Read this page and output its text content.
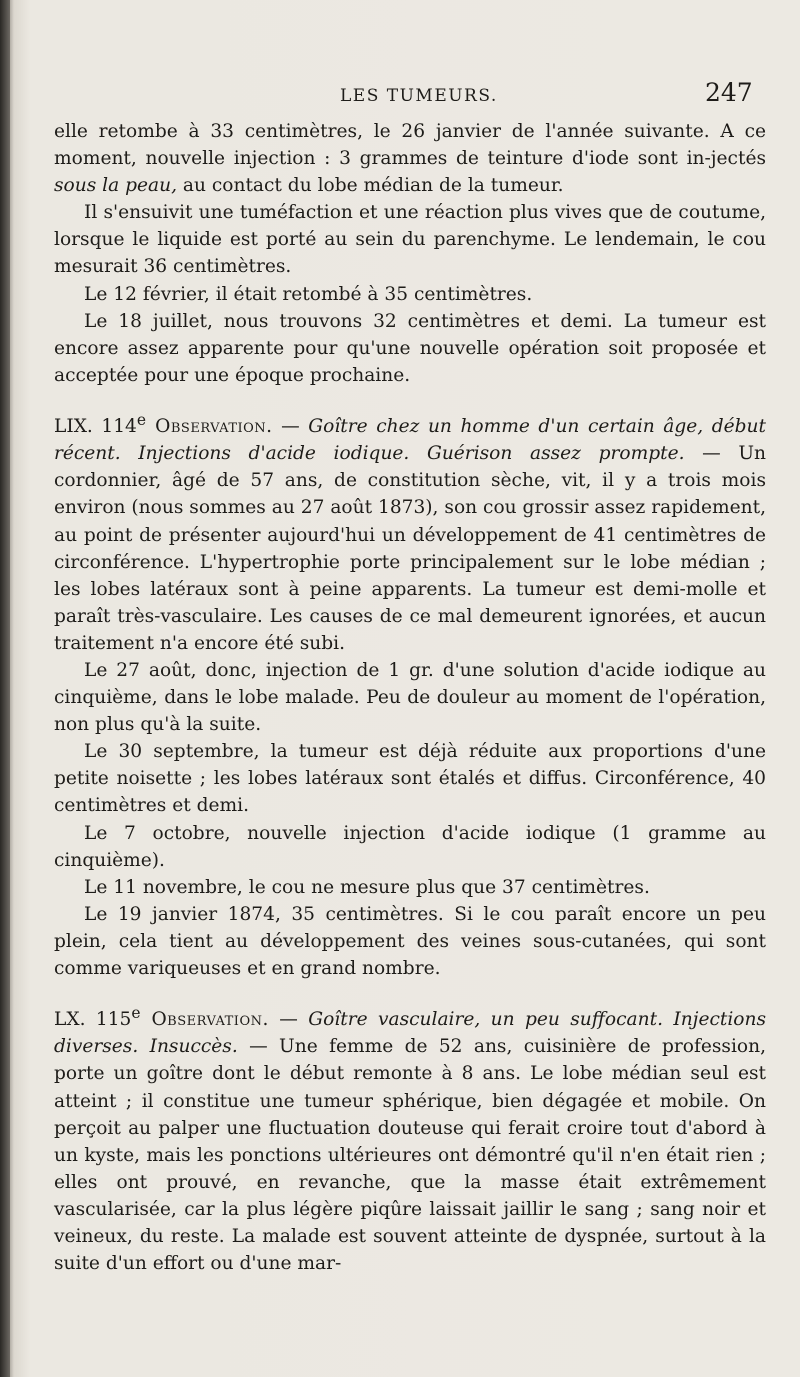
LES TUMEURS.	247

elle retombe à 33 centimètres, le 26 janvier de l'année suivante. A ce moment, nouvelle injection : 3 grammes de teinture d'iode sont in-jectés sous la peau, au contact du lobe médian de la tumeur.

Il s'ensuivit une tuméfaction et une réaction plus vives que de coutume, lorsque le liquide est porté au sein du parenchyme. Le lendemain, le cou mesurait 36 centimètres.

Le 12 février, il était retombé à 35 centimètres.

Le 18 juillet, nous trouvons 32 centimètres et demi. La tumeur est encore assez apparente pour qu'une nouvelle opération soit proposée et acceptée pour une époque prochaine.

LIX. 114e Observation. — Goître chez un homme d'un certain âge, début récent. Injections d'acide iodique. Guérison assez prompte. — Un cordonnier, âgé de 57 ans, de constitution sèche, vit, il y a trois mois environ (nous sommes au 27 août 1873), son cou grossir assez rapidement, au point de présenter aujourd'hui un développement de 41 centimètres de circonférence. L'hypertrophie porte principalement sur le lobe médian ; les lobes latéraux sont à peine apparents. La tumeur est demi-molle et paraît très-vasculaire. Les causes de ce mal demeurent ignorées, et aucun traitement n'a encore été subi.

Le 27 août, donc, injection de 1 gr. d'une solution d'acide iodique au cinquième, dans le lobe malade. Peu de douleur au moment de l'opération, non plus qu'à la suite.

Le 30 septembre, la tumeur est déjà réduite aux proportions d'une petite noisette ; les lobes latéraux sont étalés et diffus. Circonférence, 40 centimètres et demi.

Le 7 octobre, nouvelle injection d'acide iodique (1 gramme au cinquième).

Le 11 novembre, le cou ne mesure plus que 37 centimètres.

Le 19 janvier 1874, 35 centimètres. Si le cou paraît encore un peu plein, cela tient au développement des veines sous-cutanées, qui sont comme variqueuses et en grand nombre.

LX. 115e Observation. — Goître vasculaire, un peu suffocant. Injections diverses. Insuccès. — Une femme de 52 ans, cuisinière de profession, porte un goître dont le début remonte à 8 ans. Le lobe médian seul est atteint ; il constitue une tumeur sphérique, bien dégagée et mobile. On perçoit au palper une fluctuation douteuse qui ferait croire tout d'abord à un kyste, mais les ponctions ultérieures ont démontré qu'il n'en était rien ; elles ont prouvé, en revanche, que la masse était extrêmement vascularisée, car la plus légère piqûre laissait jaillir le sang ; sang noir et veineux, du reste. La malade est souvent atteinte de dyspnée, surtout à la suite d'un effort ou d'une mar-
